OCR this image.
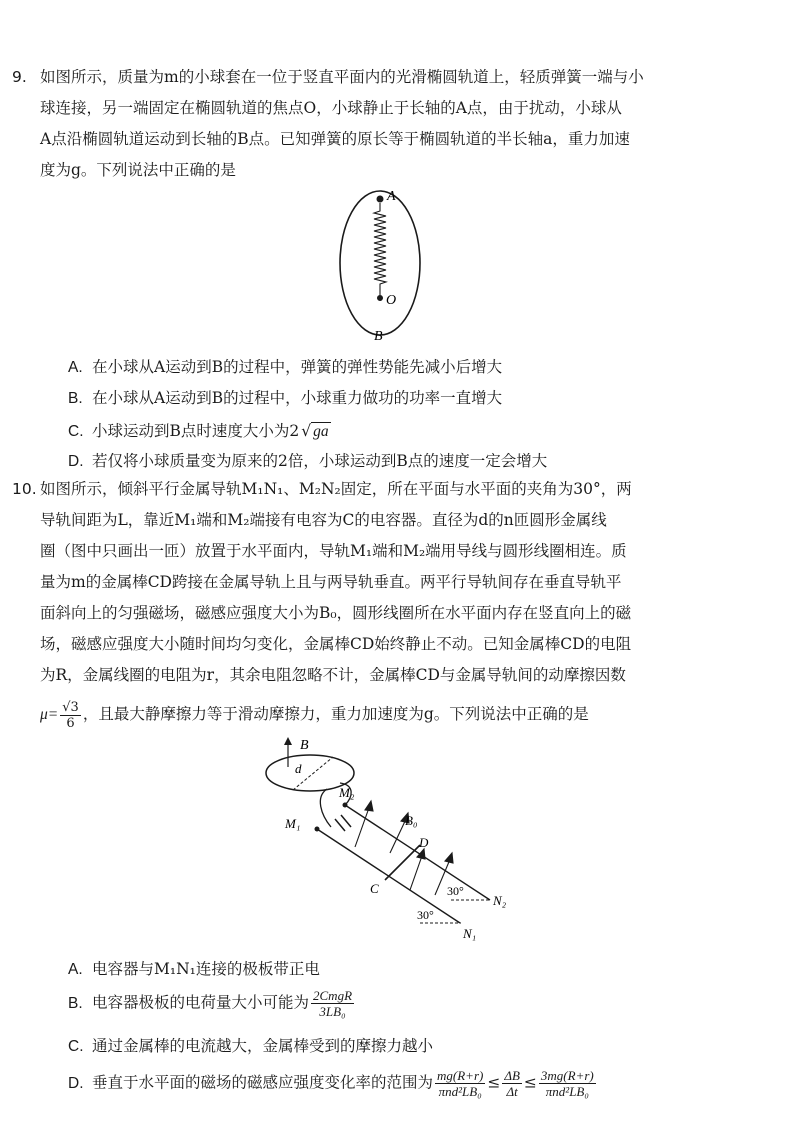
9. 如图所示，质量为m的小球套在一位于竖直平面内的光滑椭圆轨道上，轻质弹簧一端与小
球连接，另一端固定在椭圆轨道的焦点O，小球静止于长轴的A点，由于扰动，小球从
A点沿椭圆轨道运动到长轴的B点。已知弹簧的原长等于椭圆轨道的半长轴a，重力加速
度为g。下列说法中正确的是
A
O
B
A. 在小球从A运动到B的过程中，弹簧的弹性势能先减小后增大
B. 在小球从A运动到B的过程中，小球重力做功的功率一直增大
C. 小球运动到B点时速度大小为2 √ ga
D. 若仅将小球质量变为原来的2倍，小球运动到B点的速度一定会增大
10. 如图所示，倾斜平行金属导轨M₁N₁、M₂N₂固定，所在平面与水平面的夹角为30°，两
导轨间距为L，靠近M₁端和M₂端接有电容为C的电容器。直径为d的n匝圆形金属线
圈（图中只画出一匝）放置于水平面内，导轨M₁端和M₂端用导线与圆形线圈相连。质
量为m的金属棒CD跨接在金属导轨上且与两导轨垂直。两平行导轨间存在垂直导轨平
面斜向上的匀强磁场，磁感应强度大小为B₀，圆形线圈所在水平面内存在竖直向上的磁
场，磁感应强度大小随时间均匀变化，金属棒CD始终静止不动。已知金属棒CD的电阻
为R，金属线圈的电阻为r，其余电阻忽略不计，金属棒CD与金属导轨间的动摩擦因数
$\mu= \frac{√3}{6}$ ，且最大静摩擦力等于滑动摩擦力，重力加速度为g。下列说法中正确的是
B
d
M₂
M₁
C
D
B₀
30°
30°
N₂
N₁
A. 电容器与M₁N₁连接的极板带正电
B. 电容器极板的电荷量大小可能为 $\frac{\text{2CmgR}}{\text{3LB₀}}$
C. 通过金属棒的电流越大，金属棒受到的摩擦力越小
D. 垂直于水平面的磁场的磁感应强度变化率的范围为 $\frac{mg(R+r)}{\text{πnd²LB₀}} \le \frac{\Delta B}{\Delta t} \le \frac{3mg(R+r)}{\text{πnd²LB₀}}$
